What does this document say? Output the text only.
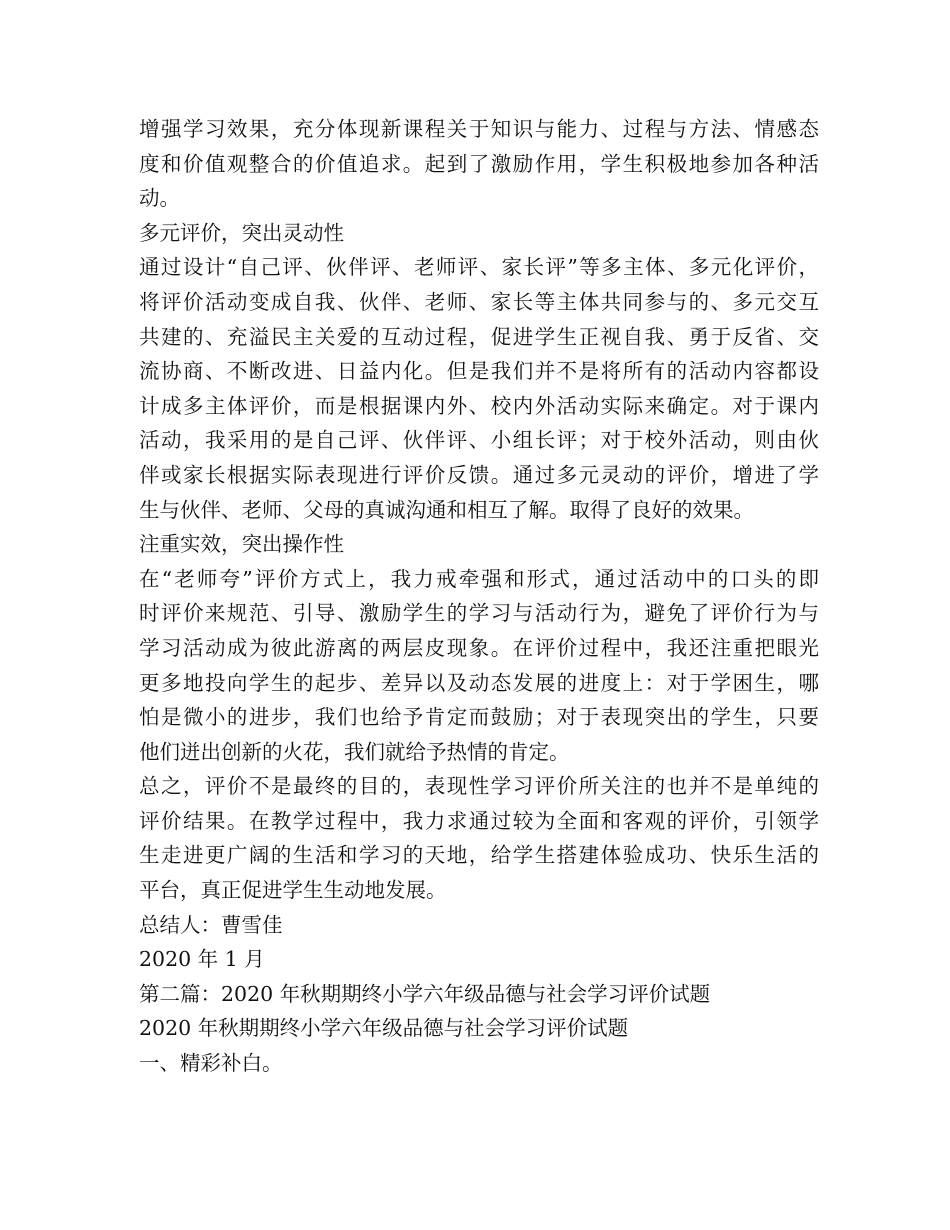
增强学习效果，充分体现新课程关于知识与能力、过程与方法、情感态
度和价值观整合的价值追求。起到了激励作用，学生积极地参加各种活
动。
多元评价，突出灵动性
通过设计“自己评、伙伴评、老师评、家长评”等多主体、多元化评价，
将评价活动变成自我、伙伴、老师、家长等主体共同参与的、多元交互
共建的、充溢民主关爱的互动过程，促进学生正视自我、勇于反省、交
流协商、不断改进、日益内化。但是我们并不是将所有的活动内容都设
计成多主体评价，而是根据课内外、校内外活动实际来确定。对于课内
活动，我采用的是自己评、伙伴评、小组长评；对于校外活动，则由伙
伴或家长根据实际表现进行评价反馈。通过多元灵动的评价，增进了学
生与伙伴、老师、父母的真诚沟通和相互了解。取得了良好的效果。
注重实效，突出操作性
在“老师夸”评价方式上，我力戒牵强和形式，通过活动中的口头的即
时评价来规范、引导、激励学生的学习与活动行为，避免了评价行为与
学习活动成为彼此游离的两层皮现象。在评价过程中，我还注重把眼光
更多地投向学生的起步、差异以及动态发展的进度上：对于学困生，哪
怕是微小的进步，我们也给予肯定而鼓励；对于表现突出的学生，只要
他们迸出创新的火花，我们就给予热情的肯定。
总之，评价不是最终的目的，表现性学习评价所关注的也并不是单纯的
评价结果。在教学过程中，我力求通过较为全面和客观的评价，引领学
生走进更广阔的生活和学习的天地，给学生搭建体验成功、快乐生活的
平台，真正促进学生生动地发展。
总结人：曹雪佳
2020 年 1 月
第二篇：2020 年秋期期终小学六年级品德与社会学习评价试题
2020 年秋期期终小学六年级品德与社会学习评价试题
一、精彩补白。
